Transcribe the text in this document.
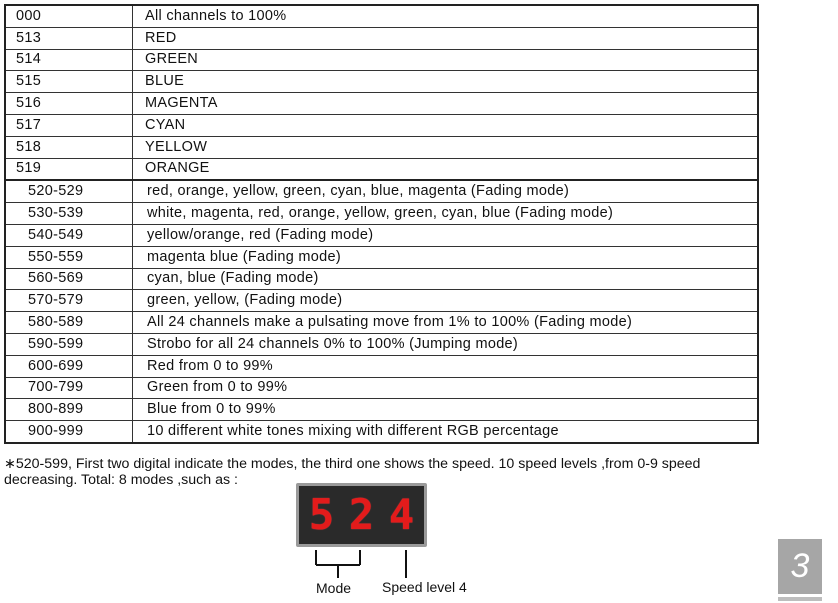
000	All channels to 100%
513	RED
514	GREEN
515	BLUE
516	MAGENTA
517	CYAN
518	YELLOW
519	ORANGE
520-529	red, orange, yellow, green, cyan, blue, magenta (Fading mode)
530-539	white, magenta, red, orange, yellow, green, cyan, blue (Fading mode)
540-549	yellow/orange, red (Fading mode)
550-559	magenta blue (Fading mode)
560-569	cyan, blue (Fading mode)
570-579	green, yellow, (Fading mode)
580-589	All 24 channels make a pulsating move from 1% to 100% (Fading mode)
590-599	Strobo for all 24 channels 0% to 100% (Jumping mode)
600-699	Red from 0 to 99%
700-799	Green from 0 to 99%
800-899	Blue from 0 to 99%
900-999	10 different white tones mixing with different RGB percentage
∗520-599, First two digital indicate the modes, the third one shows the speed. 10 speed levels ,from 0-9 speed
decreasing. Total: 8 modes ,such as :
5 2 4
Mode Speed level 4
3
